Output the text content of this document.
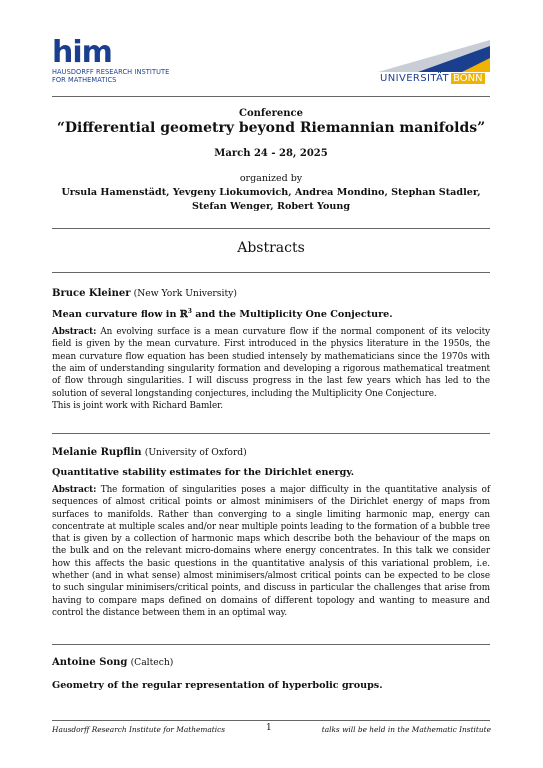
him
HAUSDORFF RESEARCH INSTITUTE
FOR MATHEMATICS	UNIVERSITÄT BONN
Conference
“Differential geometry beyond Riemannian manifolds”
March 24 - 28, 2025
organized by
Ursula Hamenstädt, Yevgeny Liokumovich, Andrea Mondino, Stephan Stadler, Stefan Wenger, Robert Young
Abstracts
Bruce Kleiner (New York University)
Mean curvature flow in ℝ$^3$ and the Multiplicity One Conjecture.
Abstract: An evolving surface is a mean curvature flow if the normal component of its velocity field is given by the mean curvature. First introduced in the physics literature in the 1950s, the mean curvature flow equation has been studied intensely by mathematicians since the 1970s with the aim of understanding singularity formation and developing a rigorous mathematical treatment of flow through singularities. I will discuss progress in the last few years which has led to the solution of several longstanding conjectures, including the Multiplicity One Conjecture.
This is joint work with Richard Bamler.
Melanie Rupflin (University of Oxford)
Quantitative stability estimates for the Dirichlet energy.
Abstract: The formation of singularities poses a major difficulty in the quantitative analysis of sequences of almost critical points or almost minimisers of the Dirichlet energy of maps from surfaces to manifolds. Rather than converging to a single limiting harmonic map, energy can concentrate at multiple scales and/or near multiple points leading to the formation of a bubble tree that is given by a collection of harmonic maps which describe both the behaviour of the maps on the bulk and on the relevant micro-domains where energy concentrates. In this talk we consider how this affects the basic questions in the quantitative analysis of this variational problem, i.e. whether (and in what sense) almost minimisers/almost critical points can be expected to be close to such singular minimisers/critical points, and discuss in particular the challenges that arise from having to compare maps defined on domains of different topology and wanting to measure and control the distance between them in an optimal way.
Antoine Song (Caltech)
Geometry of the regular representation of hyperbolic groups.
Hausdorff Research Institute for Mathematics	1	talks will be held in the Mathematic Institute
